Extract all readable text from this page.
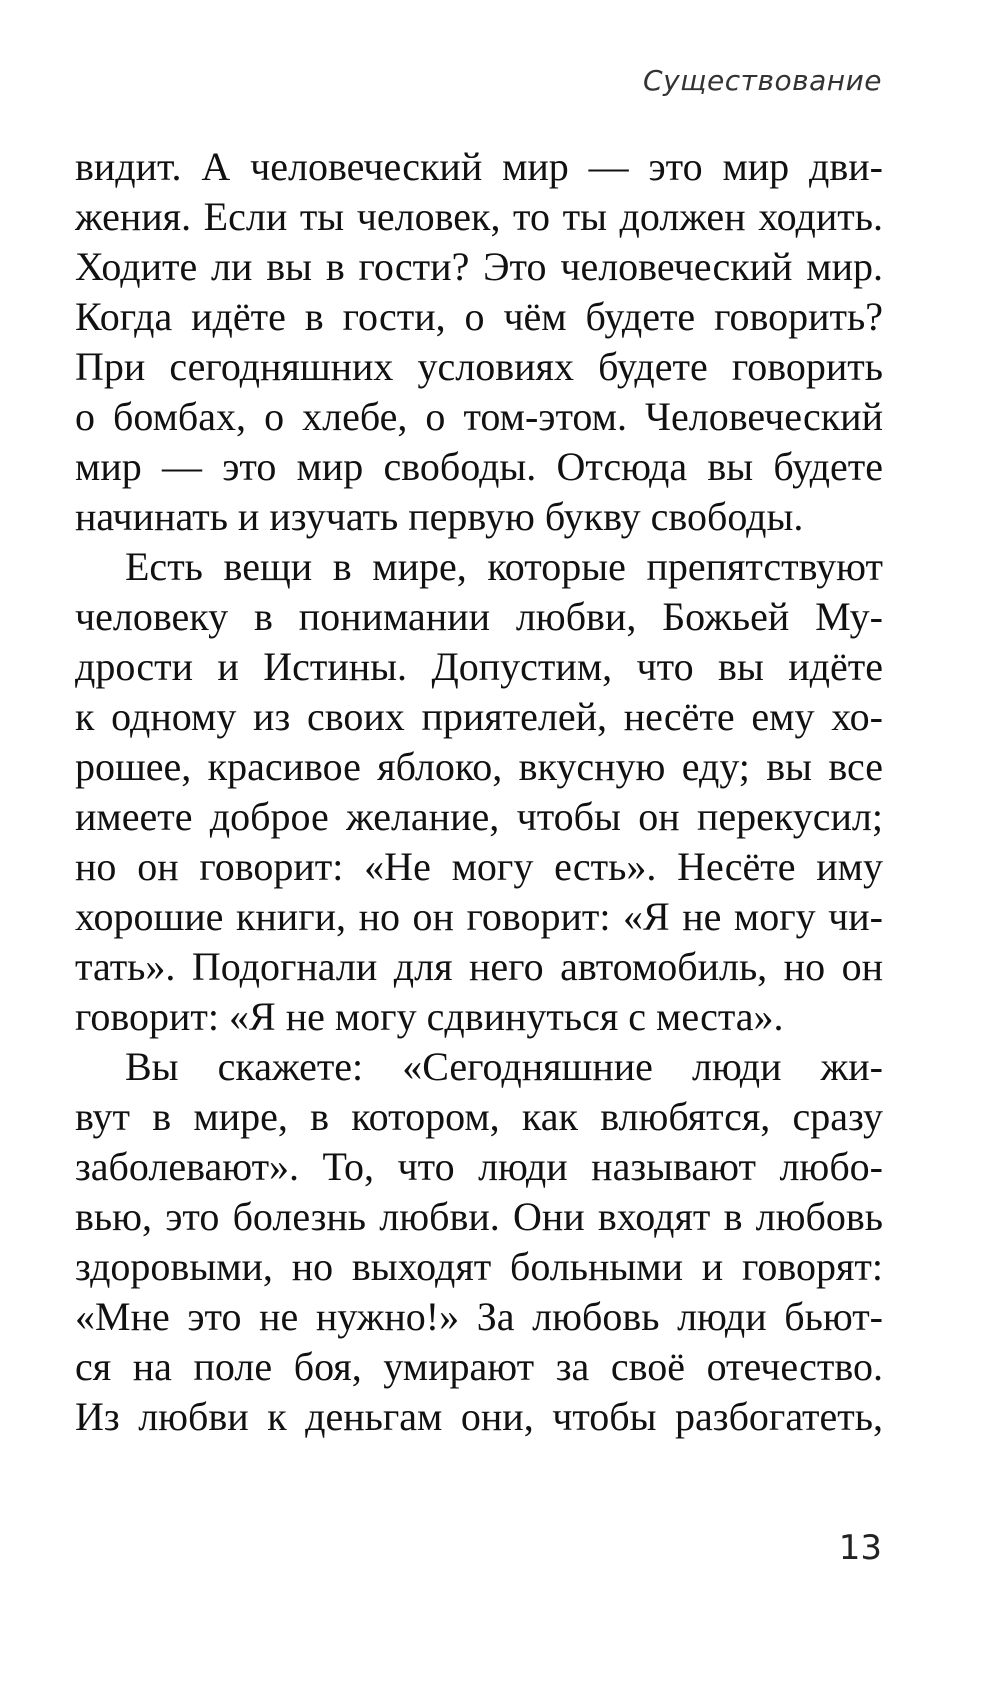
Существование
видит. А человеческий мир — это мир дви-
жения. Если ты человек, то ты должен ходить.
Ходите ли вы в гости? Это человеческий мир.
Когда идёте в гости, о чём будете говорить?
При сегодняшних условиях будете говорить
о бомбах, о хлебе, о том-этом. Человеческий
мир — это мир свободы. Отсюда вы будете
начинать и изучать первую букву свободы.
Есть вещи в мире, которые препятствуют
человеку в понимании любви, Божьей Му-
дрости и Истины. Допустим, что вы идёте
к одному из своих приятелей, несёте ему хо-
рошее, красивое яблоко, вкусную еду; вы все
имеете доброе желание, чтобы он перекусил;
но он говорит: «Не могу есть». Несёте иму
хорошие книги, но он говорит: «Я не могу чи-
тать». Подогнали для него автомобиль, но он
говорит: «Я не могу сдвинуться с места».
Вы скажете: «Сегодняшние люди жи-
вут в мире, в котором, как влюбятся, сразу
заболевают». То, что люди называют любо-
вью, это болезнь любви. Они входят в любовь
здоровыми, но выходят больными и говорят:
«Мне это не нужно!» За любовь люди бьют-
ся на поле боя, умирают за своё отечество.
Из любви к деньгам они, чтобы разбогатеть,
13
